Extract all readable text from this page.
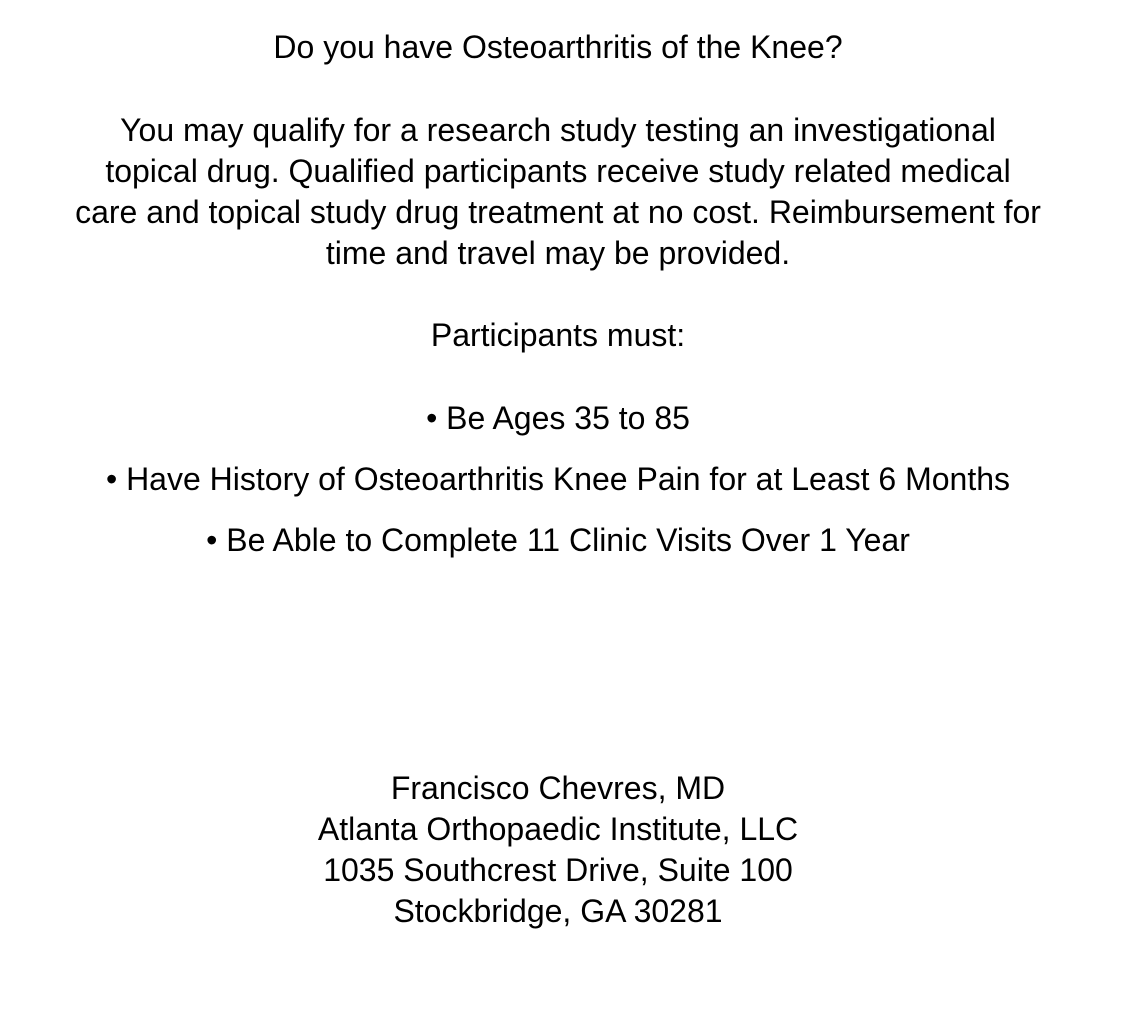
Do you have Osteoarthritis of the Knee?
You may qualify for a research study testing an investigational
topical drug. Qualified participants receive study related medical
care and topical study drug treatment at no cost. Reimbursement for
time and travel may be provided.
Participants must:
• Be Ages 35 to 85
• Have History of Osteoarthritis Knee Pain for at Least 6 Months
• Be Able to Complete 11 Clinic Visits Over 1 Year
Francisco Chevres, MD
Atlanta Orthopaedic Institute, LLC
1035 Southcrest Drive, Suite 100
Stockbridge, GA 30281
